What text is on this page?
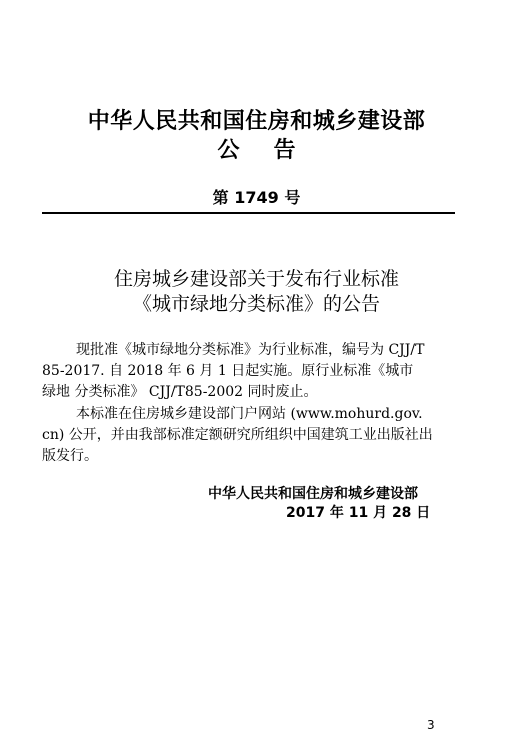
中华人民共和国住房和城乡建设部
公告
第 1749 号
住房城乡建设部关于发布行业标准
《城市绿地分类标准》的公告
现批准《城市绿地分类标准》为行业标准，编号为 CJJ/T
85-2017. 自 2018 年 6 月 1 日起实施。原行业标准《城市
绿地 分类标准》 CJJ/T85-2002 同时废止。
本标准在住房城乡建设部门户网站 (www.mohurd.gov.
cn) 公开，并由我部标准定额研究所组织中国建筑工业出版社出
版发行。
中华人民共和国住房和城乡建设部
2017 年 11 月 28 日
3
